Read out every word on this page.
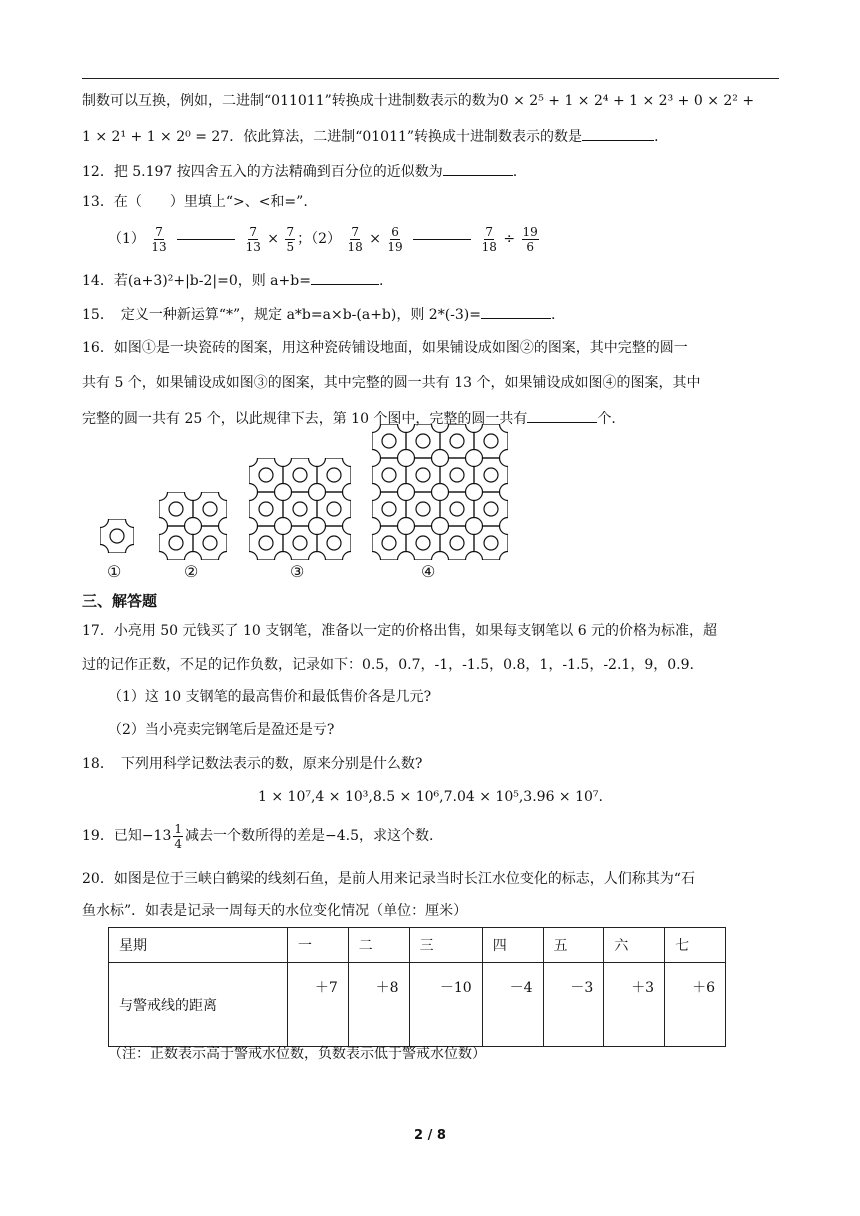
制数可以互换，例如，二进制“011011”转换成十进制数表示的数为0 × 2⁵ + 1 × 2⁴ + 1 × 2³ + 0 × 2² +
1 × 2¹ + 1 × 2⁰ = 27．依此算法，二进制“01011”转换成十进制数表示的数是	．
12．把 5.197 按四舍五入的方法精确到百分位的近似数为	.
13．在（　　）里填上“>、<和=”.
$(1) \frac{7}{13}$
	$\frac{7}{13} \times \frac{7}{5}$ ；$(2) \frac{7}{18} \times \frac{6}{19}$
	$\frac{7}{18} \div \frac{19}{6}$
14．若(a+3)²+|b-2|=0，则 a+b=	.
15．　定义一种新运算“*”，规定 a*b=a×b-(a+b)，则 2*(-3)=	.
16．如图①是一块瓷砖的图案，用这种瓷砖铺设地面，如果铺设成如图②的图案，其中完整的圆一
共有 5 个，如果铺设成如图③的图案，其中完整的圆一共有 13 个，如果铺设成如图④的图案，其中
完整的圆一共有 25 个，以此规律下去，第 10 个图中，完整的圆一共有	个.
①	②	③	④
三、解答题
17．小亮用 50 元钱买了 10 支钢笔，准备以一定的价格出售，如果每支钢笔以 6 元的价格为标准，超
过的记作正数，不足的记作负数，记录如下：0.5，0.7，-1，-1.5，0.8，1，-1.5，-2.1，9，0.9.
（1）这 10 支钢笔的最高售价和最低售价各是几元?
（2）当小亮卖完钢笔后是盈还是亏?
18．　下列用科学记数法表示的数，原来分别是什么数?
1 × 10⁷,4 × 10³,8.5 × 10⁶,7.04 × 10⁵,3.96 × 10⁷.
19．已知$-13 \frac{1}{4}$ 减去一个数所得的差是−4.5，求这个数.
20．如图是位于三峡白鹤梁的线刻石鱼，是前人用来记录当时长江水位变化的标志，人们称其为“石
鱼水标”．如表是记录一周每天的水位变化情况（单位：厘米）
星期	一	二	三	四	五	六	七
与警戒线的距离	＋7	＋8	－10	－4	－3	＋3	＋6
（注：正数表示高于警戒水位数，负数表示低于警戒水位数）
2 / 8
